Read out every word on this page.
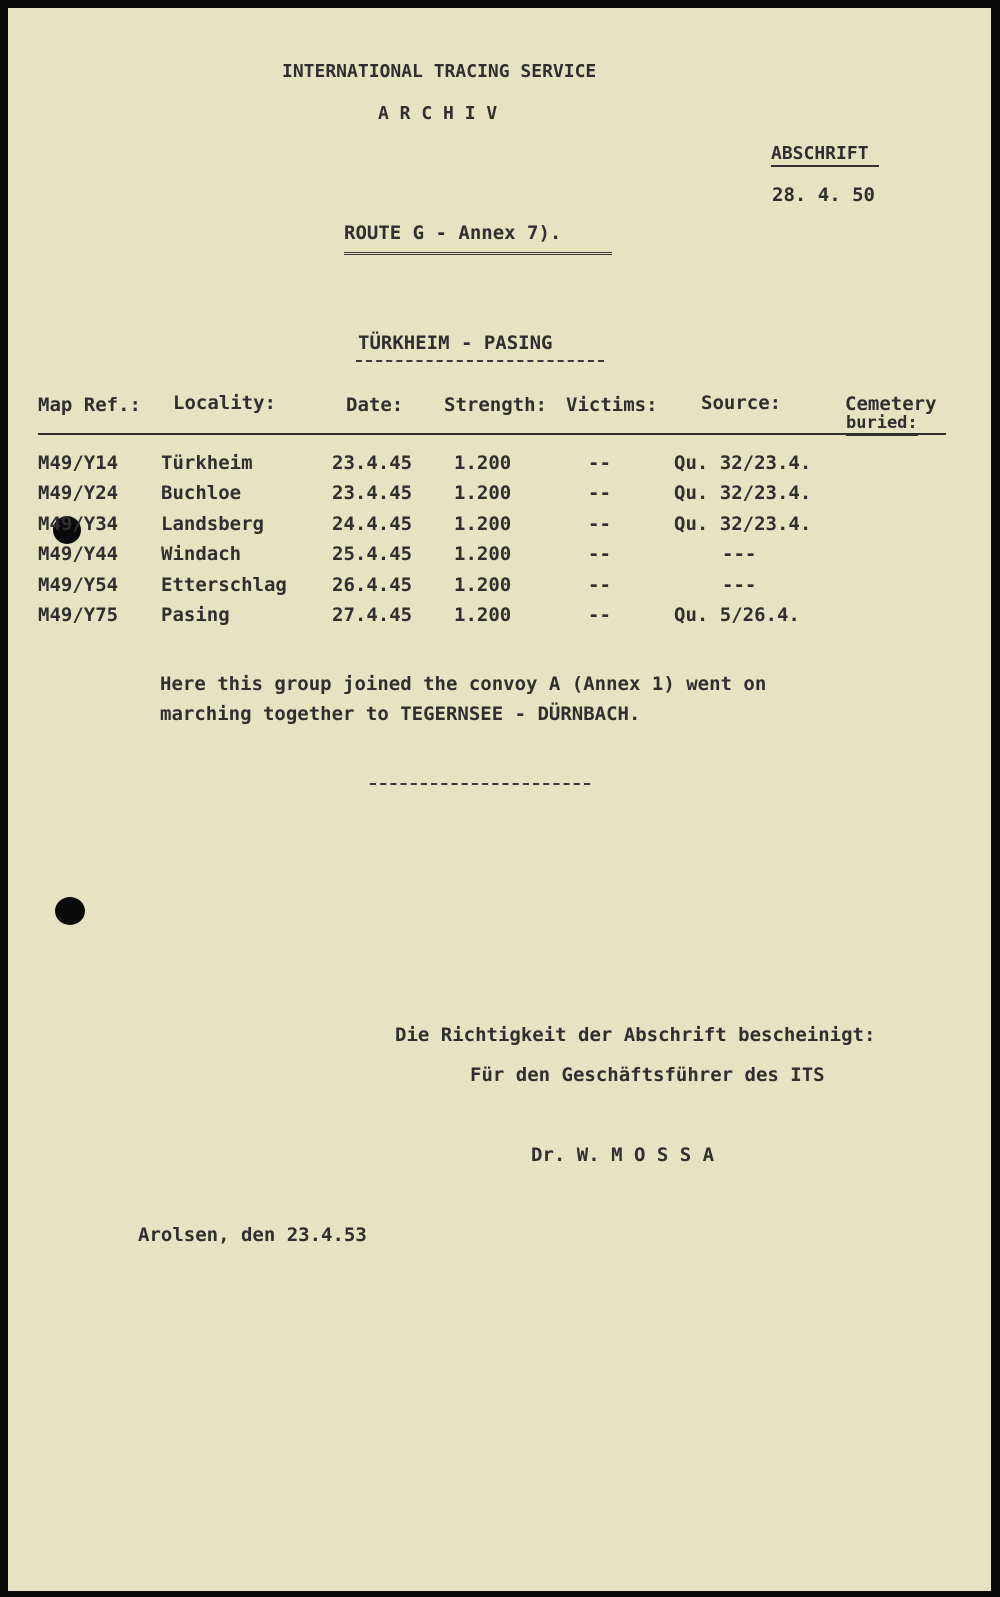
INTERNATIONAL TRACING SERVICE
A R C H I V
ABSCHRIFT
28. 4. 50
ROUTE G - Annex 7).
TÜRKHEIM - PASING
Map Ref.: Locality:	Date: Strength: Victims: Source:	Cemetery
buried:
M49/Y14 Türkheim	23.4.45 1.200	--	Qu. 32/23.4.
M49/Y24 Buchloe	23.4.45 1.200	--	Qu. 32/23.4.
M49/Y34 Landsberg	24.4.45 1.200	--	Qu. 32/23.4.
M49/Y44 Windach	25.4.45 1.200	--	---
M49/Y54 Etterschlag 26.4.45 1.200	--	---
M49/Y75 Pasing	27.4.45 1.200	--	Qu. 5/26.4.
Here this group joined the convoy A (Annex 1) went on
marching together to TEGERNSEE - DÜRNBACH.
Die Richtigkeit der Abschrift bescheinigt:
Für den Geschäftsführer des ITS
Dr. W. M O S S A
Arolsen, den 23.4.53
